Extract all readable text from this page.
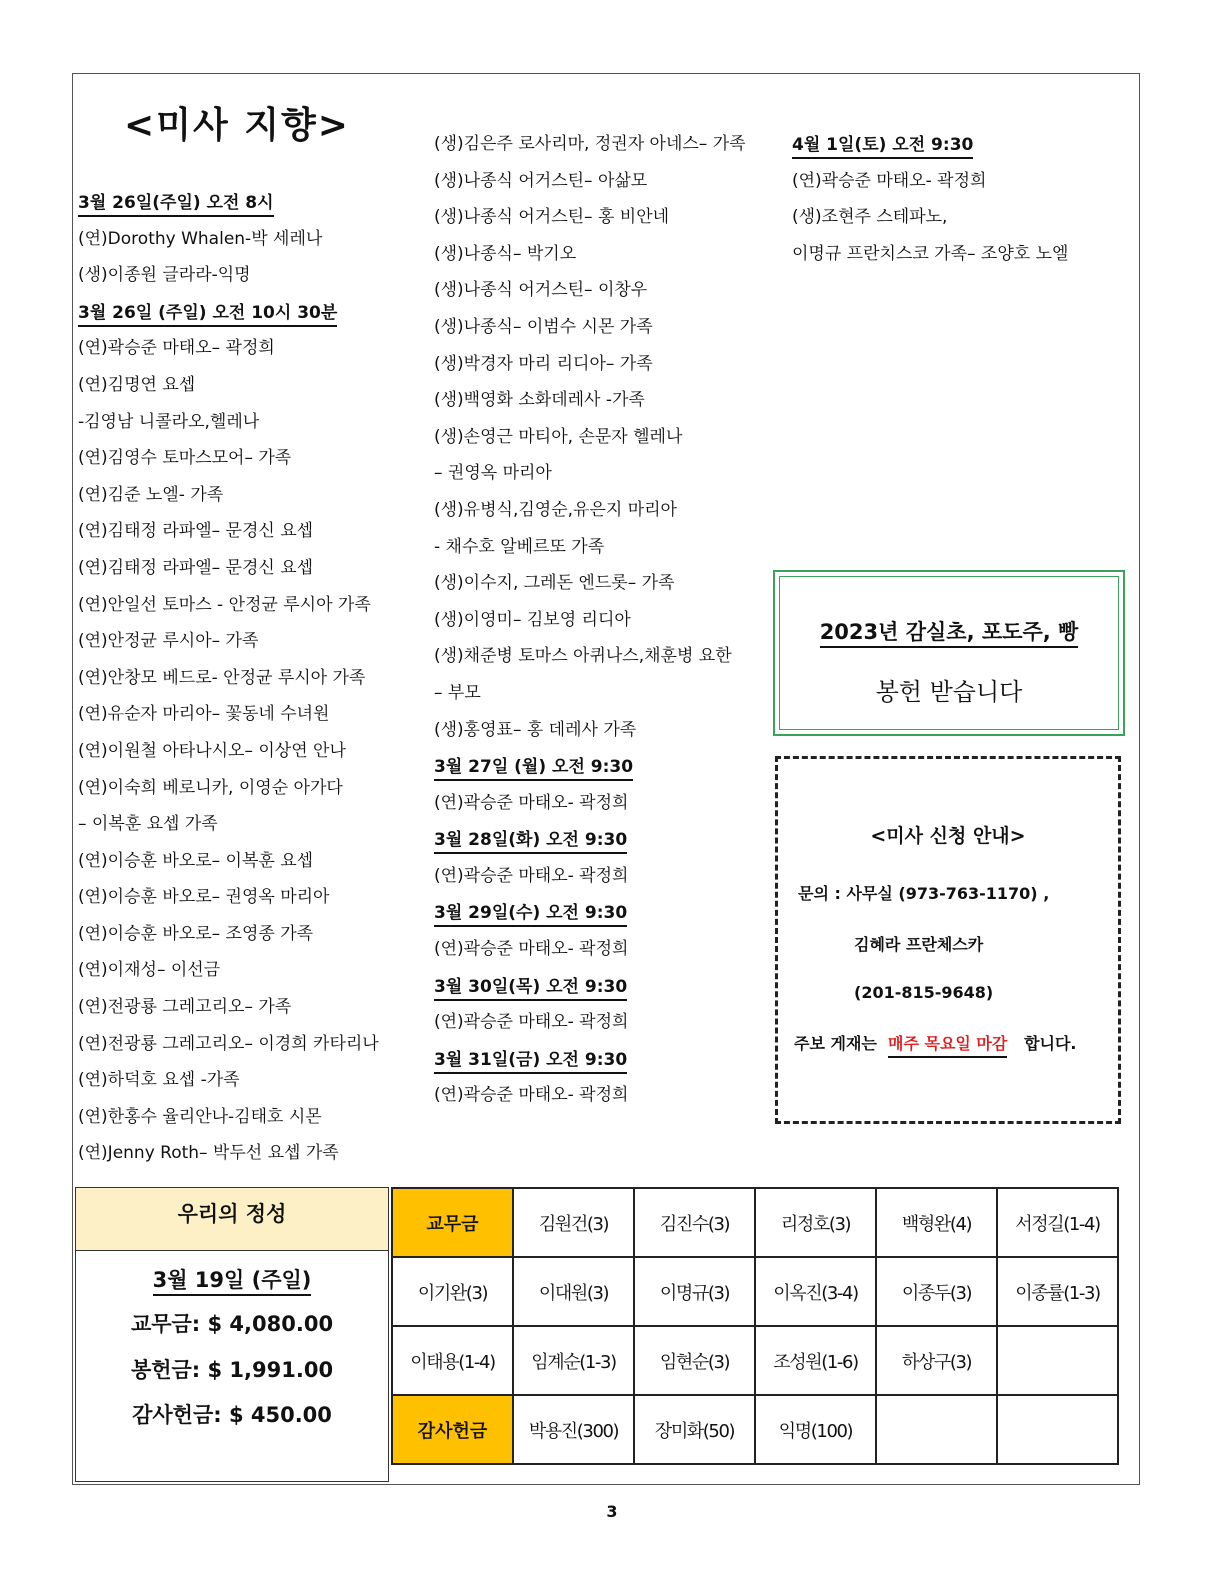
<미사 지향>
3월 26일(주일) 오전 8시
(연)Dorothy Whalen-박 세레나
(생)이종원 글라라-익명
3월 26일 (주일) 오전 10시 30분
(연)곽승준 마태오– 곽정희
(연)김명연 요셉
-김영남 니콜라오,헬레나
(연)김영수 토마스모어– 가족
(연)김준 노엘- 가족
(연)김태정 라파엘– 문경신 요셉
(연)김태정 라파엘– 문경신 요셉
(연)안일선 토마스 - 안정균 루시아 가족
(연)안정균 루시아– 가족
(연)안창모 베드로- 안정균 루시아 가족
(연)유순자 마리아– 꽃동네 수녀원
(연)이원철 아타나시오– 이상연 안나
(연)이숙희 베로니카, 이영순 아가다
– 이복훈 요셉 가족
(연)이승훈 바오로– 이복훈 요셉
(연)이승훈 바오로– 권영옥 마리아
(연)이승훈 바오로– 조영종 가족
(연)이재성– 이선금
(연)전광룡 그레고리오– 가족
(연)전광룡 그레고리오– 이경희 카타리나
(연)하덕호 요셉 -가족
(연)한홍수 율리안나-김태호 시몬
(연)Jenny Roth– 박두선 요셉 가족
(생)김은주 로사리마, 정권자 아네스– 가족
(생)나종식 어거스틴– 아삶모
(생)나종식 어거스틴– 홍 비안네
(생)나종식– 박기오
(생)나종식 어거스틴– 이창우
(생)나종식– 이범수 시몬 가족
(생)박경자 마리 리디아– 가족
(생)백영화 소화데레사 -가족
(생)손영근 마티아, 손문자 헬레나
– 권영옥 마리아
(생)유병식,김영순,유은지 마리아
- 채수호 알베르또 가족
(생)이수지, 그레돈 엔드롯– 가족
(생)이영미– 김보영 리디아
(생)채준병 토마스 아퀴나스,채훈병 요한
– 부모
(생)홍영표– 홍 데레사 가족
3월 27일 (월) 오전 9:30
(연)곽승준 마태오- 곽정희
3월 28일(화) 오전 9:30
(연)곽승준 마태오- 곽정희
3월 29일(수) 오전 9:30
(연)곽승준 마태오- 곽정희
3월 30일(목) 오전 9:30
(연)곽승준 마태오- 곽정희
3월 31일(금) 오전 9:30
(연)곽승준 마태오- 곽정희
4월 1일(토) 오전 9:30
(연)곽승준 마태오- 곽정희
(생)조현주 스테파노,
이명규 프란치스코 가족– 조양호 노엘
2023년 감실초, 포도주, 빵
봉헌 받습니다
<미사 신청 안내>
문의 : 사무실 (973-763-1170) ,
김혜라 프란체스카
(201-815-9648)
주보 게재는 매주 목요일 마감 합니다.
우리의 정성
3월 19일 (주일)
교무금: $ 4,080.00
봉헌금: $ 1,991.00
감사헌금: $ 450.00
교무금	김원건(3)	김진수(3)	리정호(3)	백형완(4)	서정길(1-4)
이기완(3)	이대원(3)	이명규(3)	이옥진(3-4)	이종두(3)	이종률(1-3)
이태용(1-4)	임계순(1-3)	임현순(3)	조성원(1-6)	하상구(3)	
감사헌금	박용진(300)	장미화(50)	익명(100)		
3
